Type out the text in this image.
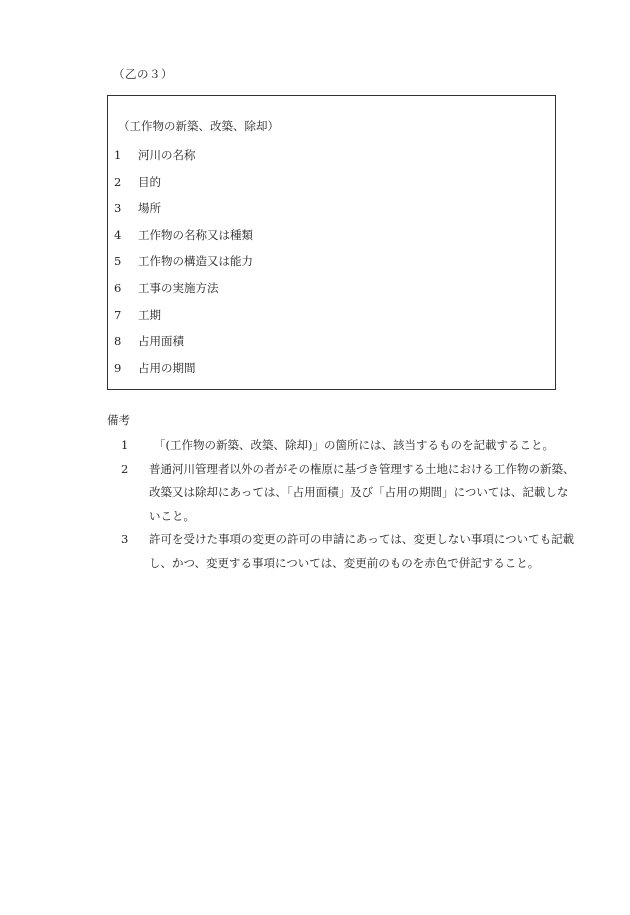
（乙の３）
（工作物の新築、改築、除却）
1 河川の名称
2 目的
3 場所
4 工作物の名称又は種類
5 工作物の構造又は能力
6 工事の実施方法
7 工期
8 占用面積
9 占用の期間
備考
1	「(工作物の新築、改築、除却)」の箇所には、該当するものを記載すること。
2	普通河川管理者以外の者がその権原に基づき管理する土地における工作物の新築、改築又は除却にあっては、「占用面積」及び「占用の期間」については、記載しないこと。
3	許可を受けた事項の変更の許可の申請にあっては、変更しない事項についても記載し、かつ、変更する事項については、変更前のものを赤色で併記すること。
